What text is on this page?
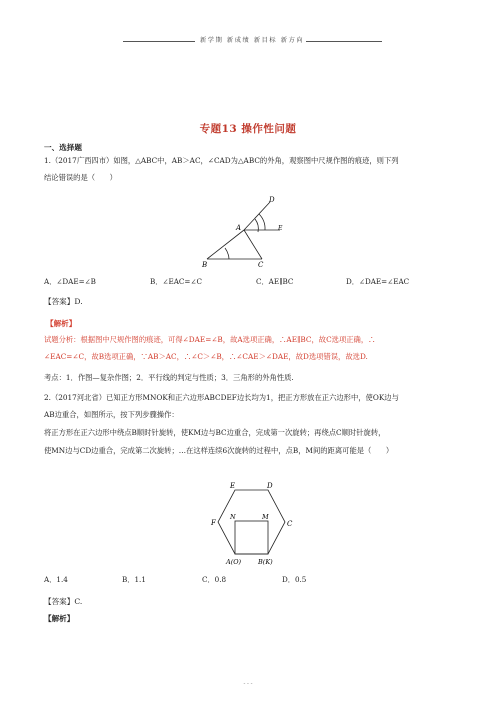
新学期 新成绩 新目标 新方向
专题13 操作性问题
一、选择题
1.（2017广西四市）如图，△ABC中，AB＞AC，∠CAD为△ABC的外角，观察图中尺规作图的痕迹，则下列
结论错误的是（　　）
D
A	E
B	C
A．∠DAE=∠B	B．∠EAC=∠C	C．AE∥BC	D．∠DAE=∠EAC
【答案】D.
【解析】
试题分析：根据图中尺规作图的痕迹，可得∠DAE=∠B，故A选项正确，∴AE∥BC，故C选项正确，∴
∠EAC=∠C，故B选项正确，∵AB＞AC，∴∠C＞∠B，∴∠CAE＞∠DAE，故D选项错误，故选D.
考点：1．作图—复杂作图；2．平行线的判定与性质；3．三角形的外角性质.
2.（2017河北省）已知正方形MNOK和正六边形ABCDEF边长均为1，把正方形放在正六边形中，使OK边与
AB边重合，如图所示，按下列步骤操作：
将正方形在正六边形中绕点B顺时针旋转，使KM边与BC边重合，完成第一次旋转；再绕点C顺时针旋转，
使MN边与CD边重合，完成第二次旋转；…在这样连续6次旋转的过程中，点B，M间的距离可能是（　　）
E	D
F	C
N	M
A(O)	B(K)
A．1.4	B．1.1	C．0.8	D．0.5
【答案】C.
【解析】
- - -
